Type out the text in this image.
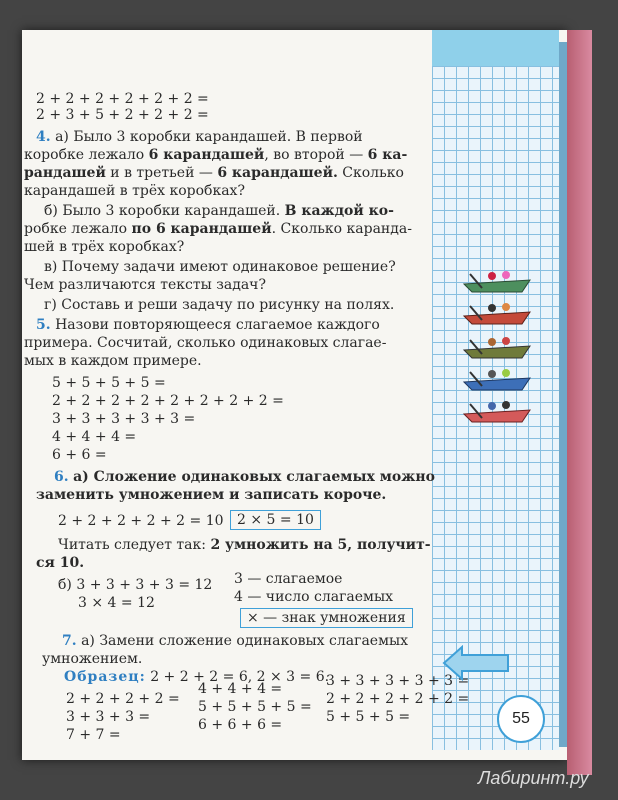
2 + 2 + 2 + 2 + 2 + 2 =
2 + 3 + 5 + 2 + 2 + 2 =
4. а) Было 3 коробки карандашей. В первой
коробке лежало 6 карандашей, во второй — 6 ка-
рандашей и в третьей — 6 карандашей. Сколько
карандашей в трёх коробках?
б) Было 3 коробки карандашей. В каждой ко-
робке лежало по 6 карандашей. Сколько каранда-
шей в трёх коробках?
в) Почему задачи имеют одинаковое решение?
Чем различаются тексты задач?
г) Составь и реши задачу по рисунку на полях.
5. Назови повторяющееся слагаемое каждого
примера. Сосчитай, сколько одинаковых слагае-
мых в каждом примере.
5 + 5 + 5 + 5 =
2 + 2 + 2 + 2 + 2 + 2 + 2 + 2 =
3 + 3 + 3 + 3 + 3 =
4 + 4 + 4 =
6 + 6 =
6. а) Сложение одинаковых слагаемых можно
заменить умножением и записать короче.
2 + 2 + 2 + 2 + 2 = 10 2 × 5 = 10
Читать следует так: 2 умножить на 5, получит-
ся 10.
б) 3 + 3 + 3 + 3 = 12
3 × 4 = 12
3 — слагаемое
4 — число слагаемых
× — знак умножения
7. а) Замени сложение одинаковых слагаемых
умножением.
Образец: 2 + 2 + 2 = 6, 2 × 3 = 6.
2 + 2 + 2 + 2 =
3 + 3 + 3 =
7 + 7 =
4 + 4 + 4 =
5 + 5 + 5 + 5 =
6 + 6 + 6 =
3 + 3 + 3 + 3 + 3 =
2 + 2 + 2 + 2 + 2 =
5 + 5 + 5 =	55
Лабиринт.ру
